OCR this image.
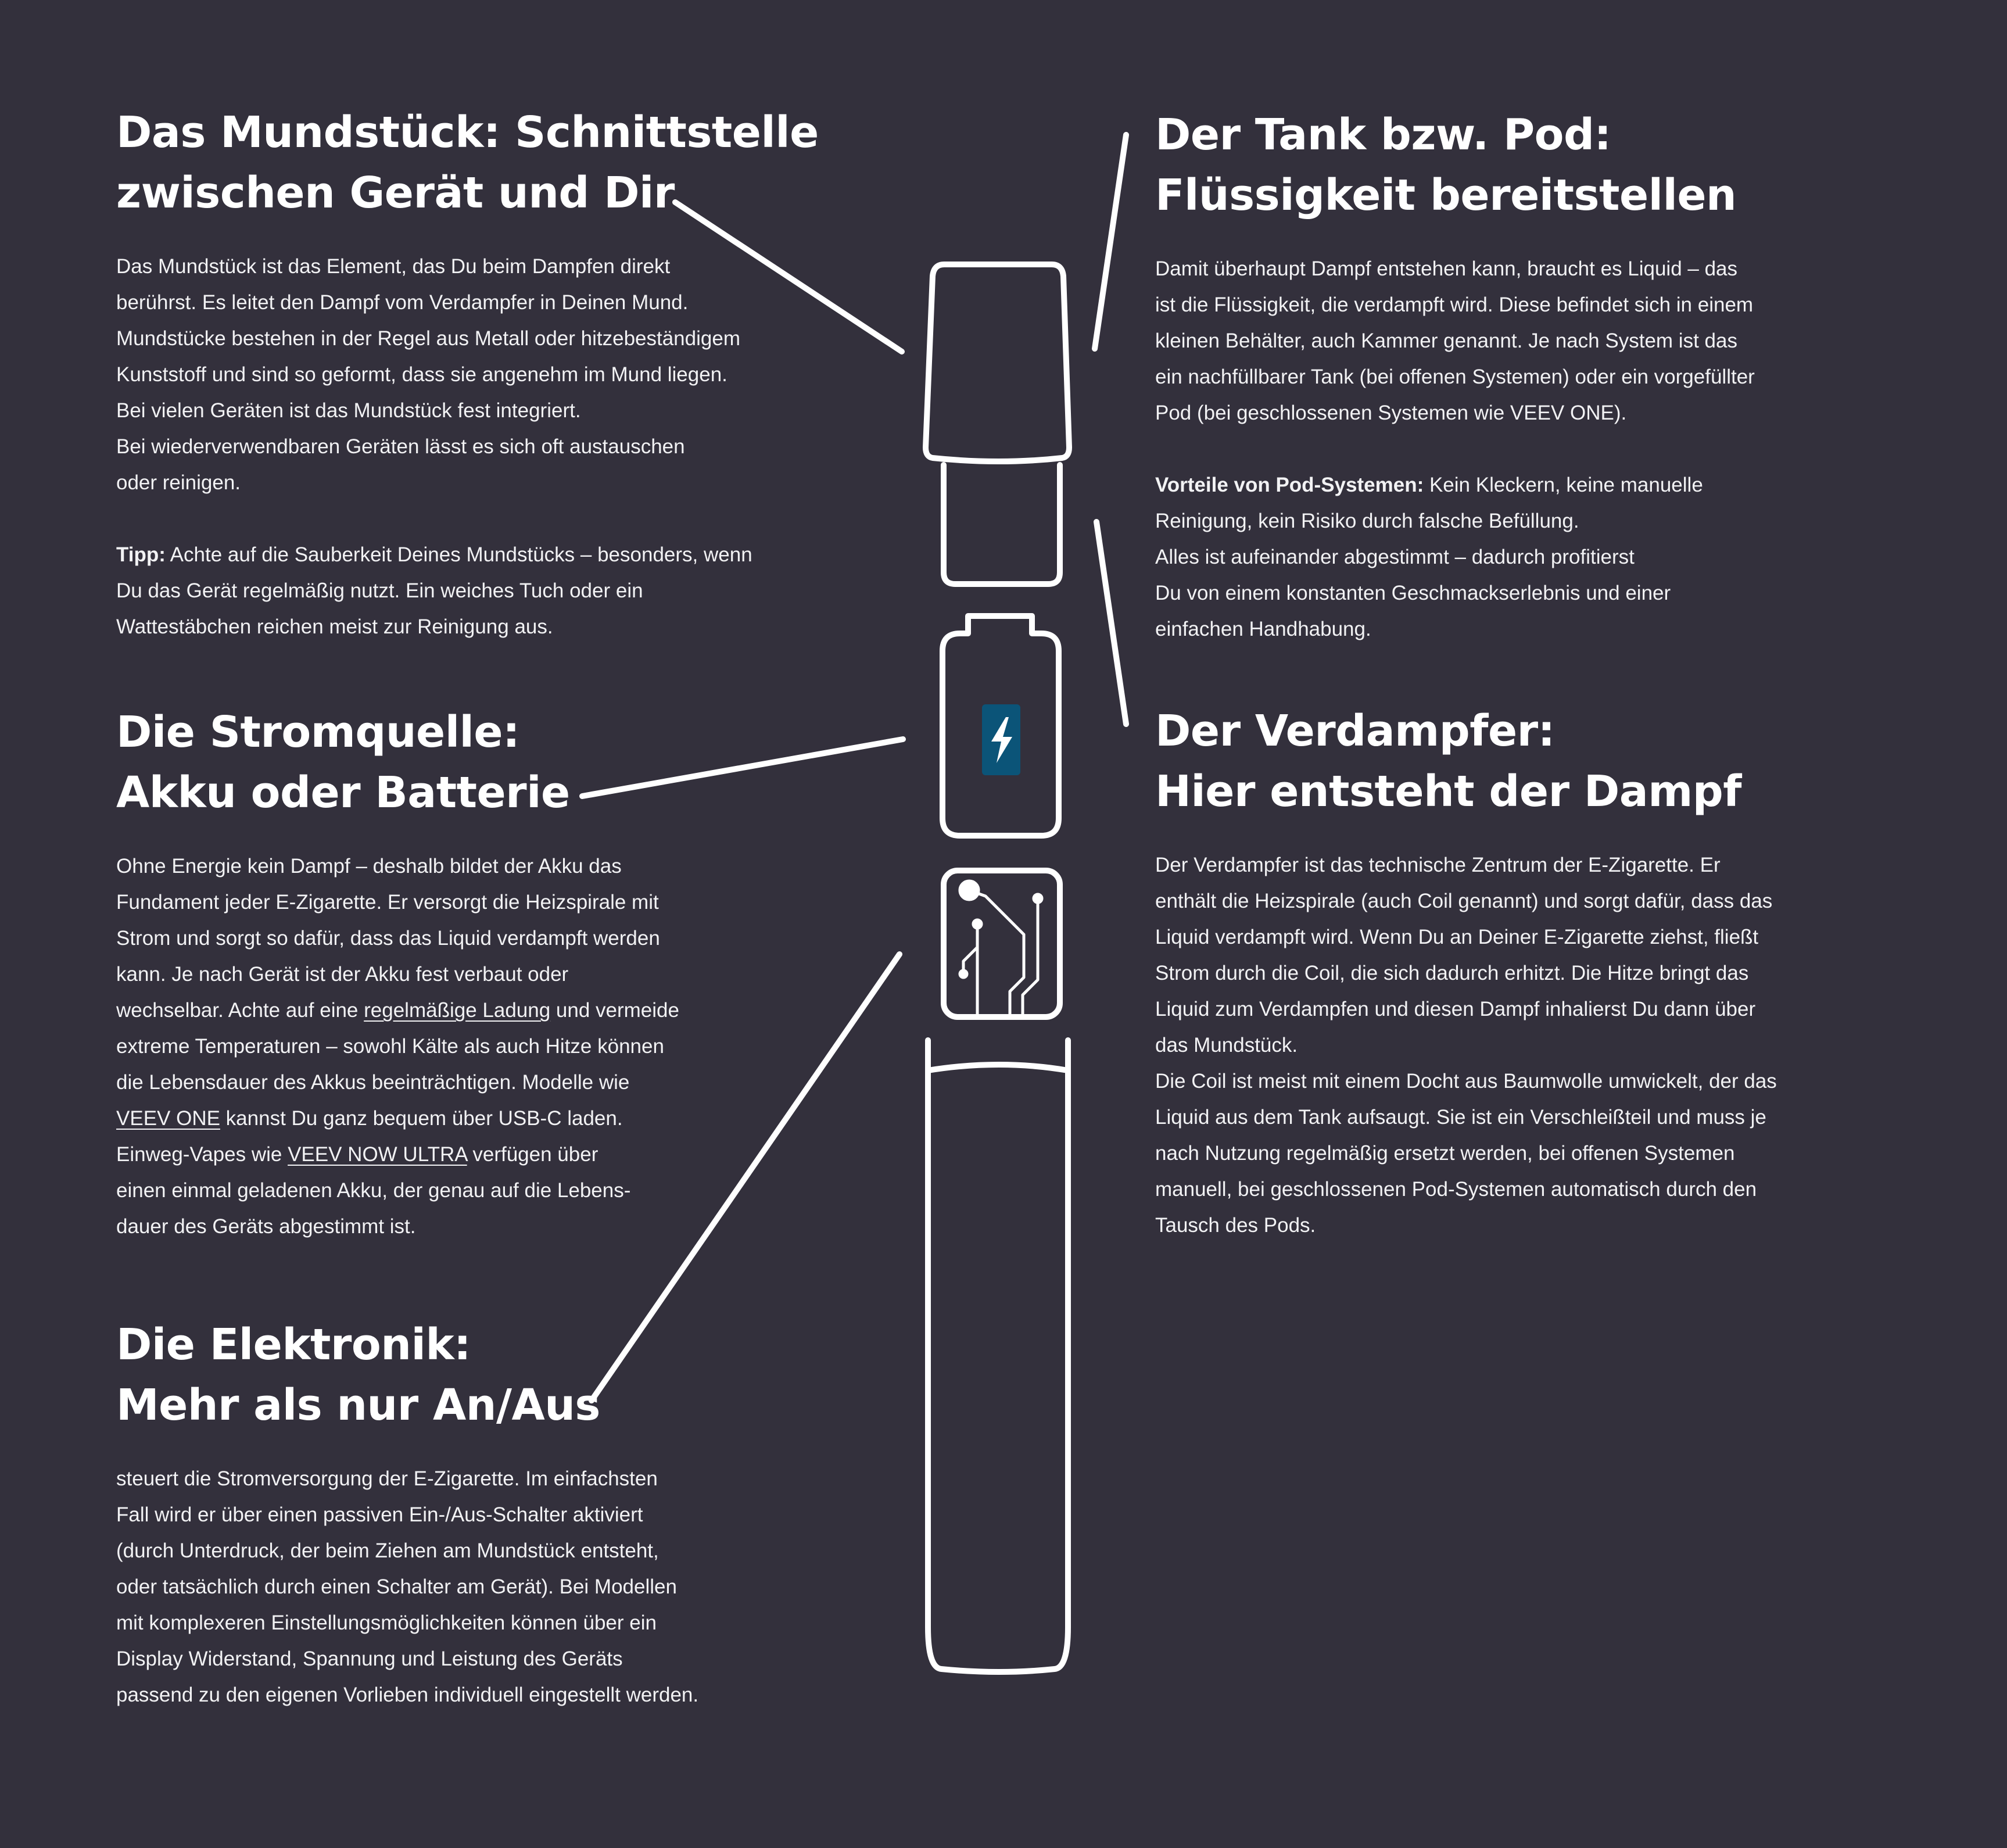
Das Mundstück: Schnittstelle
zwischen Gerät und Dir
Das Mundstück ist das Element, das Du beim Dampfen direkt
berührst. Es leitet den Dampf vom Verdampfer in Deinen Mund.
Mundstücke bestehen in der Regel aus Metall oder hitzebeständigem
Kunststoff und sind so geformt, dass sie angenehm im Mund liegen.
Bei vielen Geräten ist das Mundstück fest integriert.
Bei wiederverwendbaren Geräten lässt es sich oft austauschen
oder reinigen.
Tipp: Achte auf die Sauberkeit Deines Mundstücks – besonders, wenn
Du das Gerät regelmäßig nutzt. Ein weiches Tuch oder ein
Wattestäbchen reichen meist zur Reinigung aus.
Der Tank bzw. Pod:
Flüssigkeit bereitstellen
Damit überhaupt Dampf entstehen kann, braucht es Liquid – das
ist die Flüssigkeit, die verdampft wird. Diese befindet sich in einem
kleinen Behälter, auch Kammer genannt. Je nach System ist das
ein nachfüllbarer Tank (bei offenen Systemen) oder ein vorgefüllter
Pod (bei geschlossenen Systemen wie VEEV ONE).
Vorteile von Pod-Systemen: Kein Kleckern, keine manuelle
Reinigung, kein Risiko durch falsche Befüllung.
Alles ist aufeinander abgestimmt – dadurch profitierst
Du von einem konstanten Geschmackserlebnis und einer
einfachen Handhabung.
Die Stromquelle:
Akku oder Batterie
Ohne Energie kein Dampf – deshalb bildet der Akku das
Fundament jeder E-Zigarette. Er versorgt die Heizspirale mit
Strom und sorgt so dafür, dass das Liquid verdampft werden
kann. Je nach Gerät ist der Akku fest verbaut oder
wechselbar. Achte auf eine regelmäßige Ladung und vermeide
extreme Temperaturen – sowohl Kälte als auch Hitze können
die Lebensdauer des Akkus beeinträchtigen. Modelle wie
VEEV ONE kannst Du ganz bequem über USB-C laden.
Einweg-Vapes wie VEEV NOW ULTRA verfügen über
einen einmal geladenen Akku, der genau auf die Lebens-
dauer des Geräts abgestimmt ist.
Der Verdampfer:
Hier entsteht der Dampf
Der Verdampfer ist das technische Zentrum der E-Zigarette. Er
enthält die Heizspirale (auch Coil genannt) und sorgt dafür, dass das
Liquid verdampft wird. Wenn Du an Deiner E-Zigarette ziehst, fließt
Strom durch die Coil, die sich dadurch erhitzt. Die Hitze bringt das
Liquid zum Verdampfen und diesen Dampf inhalierst Du dann über
das Mundstück.
Die Coil ist meist mit einem Docht aus Baumwolle umwickelt, der das
Liquid aus dem Tank aufsaugt. Sie ist ein Verschleißteil und muss je
nach Nutzung regelmäßig ersetzt werden, bei offenen Systemen
manuell, bei geschlossenen Pod-Systemen automatisch durch den
Tausch des Pods.
Die Elektronik:
Mehr als nur An/Aus
steuert die Stromversorgung der E-Zigarette. Im einfachsten
Fall wird er über einen passiven Ein-/Aus-Schalter aktiviert
(durch Unterdruck, der beim Ziehen am Mundstück entsteht,
oder tatsächlich durch einen Schalter am Gerät). Bei Modellen
mit komplexeren Einstellungsmöglichkeiten können über ein
Display Widerstand, Spannung und Leistung des Geräts
passend zu den eigenen Vorlieben individuell eingestellt werden.
